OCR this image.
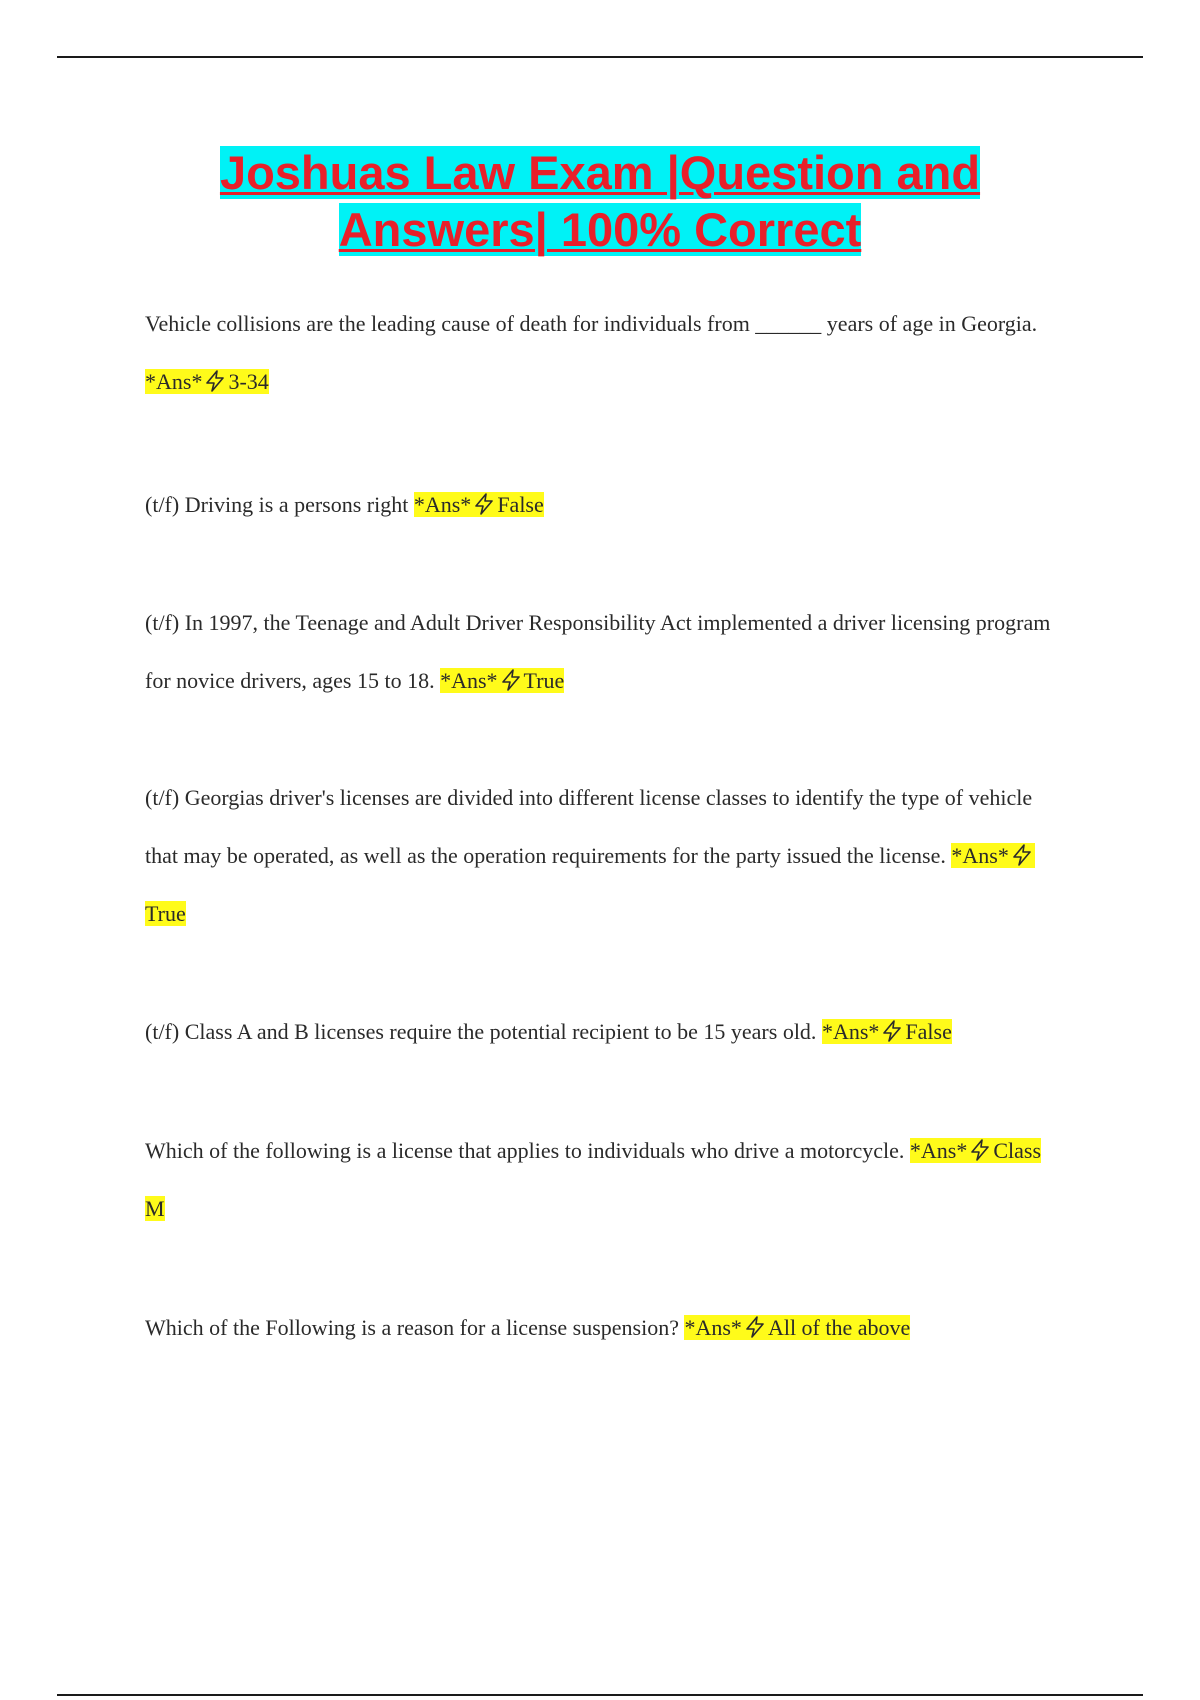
Joshuas Law Exam |Question and
Answers| 100% Correct
Vehicle collisions are the leading cause of death for individuals from ______ years of age in Georgia. *Ans* 3-34
(t/f) Driving is a persons right *Ans* False
(t/f) In 1997, the Teenage and Adult Driver Responsibility Act implemented a driver licensing program for novice drivers, ages 15 to 18. *Ans* True
(t/f) Georgias driver's licenses are divided into different license classes to identify the type of vehicle that may be operated, as well as the operation requirements for the party issued the license. *Ans*
True
(t/f) Class A and B licenses require the potential recipient to be 15 years old. *Ans* False
Which of the following is a license that applies to individuals who drive a motorcycle. *Ans* Class M
Which of the Following is a reason for a license suspension? *Ans* All of the above
